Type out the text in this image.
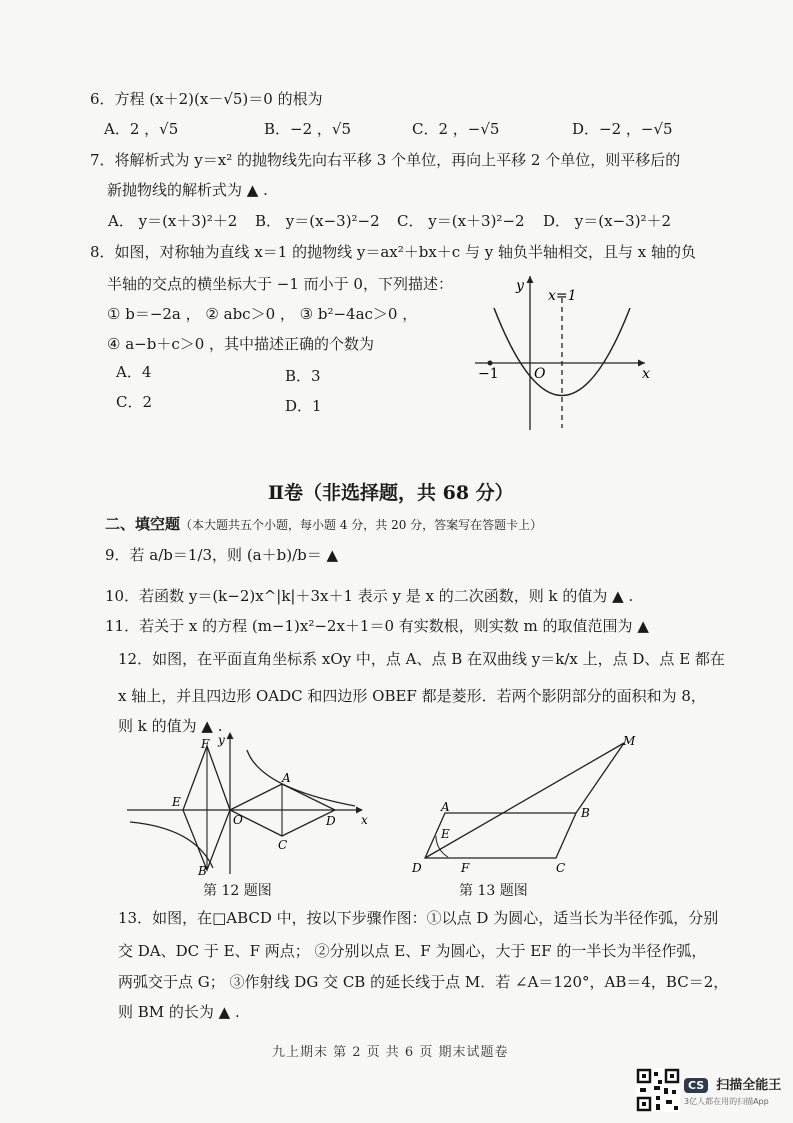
6．方程 (x＋2)(x－√5)＝0 的根为
A．2 ，√5	B．−2 ，√5	C．2 ，−√5	D．−2 ，−√5
7．将解析式为 y＝x² 的抛物线先向右平移 3 个单位，再向上平移 2 个单位，则平移后的
新抛物线的解析式为 ▲ .
A． y＝(x＋3)²＋2 B． y＝(x−3)²−2 C． y＝(x＋3)²−2 D． y＝(x−3)²＋2
8．如图，对称轴为直线 x＝1 的抛物线 y＝ax²＋bx＋c 与 y 轴负半轴相交，且与 x 轴的负
半轴的交点的横坐标大于 −1 而小于 0，下列描述：
① b＝−2a ， ② abc＞0 ， ③ b²−4ac＞0 ，
④ a−b＋c＞0 ，其中描述正确的个数为
A．4	B．3
C．2	D．1
y
x
x=1
−1	O
Ⅱ卷（非选择题，共 68 分）
二、填空题（本大题共五个小题，每小题 4 分，共 20 分，答案写在答题卡上）
9．若 a/b＝1/3，则 (a＋b)/b＝ ▲
10．若函数 y＝(k−2)x^|k|＋3x＋1 表示 y 是 x 的二次函数，则 k 的值为 ▲ .
11．若关于 x 的方程 (m−1)x²−2x＋1＝0 有实数根，则实数 m 的取值范围为 ▲
12．如图，在平面直角坐标系 xOy 中，点 A、点 B 在双曲线 y＝k/x 上，点 D、点 E 都在
x 轴上，并且四边形 OADC 和四边形 OBEF 都是菱形．若两个影阴部分的面积和为 8，
则 k 的值为 ▲ .
F
E
O
A
C
D
B
x
y
第 12 题图
M
A	B
E
D	F	C
第 13 题图
13．如图，在□ABCD 中，按以下步骤作图：①以点 D 为圆心，适当长为半径作弧，分别
交 DA、DC 于 E、F 两点； ②分别以点 E、F 为圆心，大于 EF 的一半长为半径作弧，
两弧交于点 G； ③作射线 DG 交 CB 的延长线于点 M．若 ∠A＝120°，AB＝4，BC＝2，
则 BM 的长为 ▲ .
九上期末 第 2 页 共 6 页 期末试题卷
CS 扫描全能王
3亿人都在用的扫描App
